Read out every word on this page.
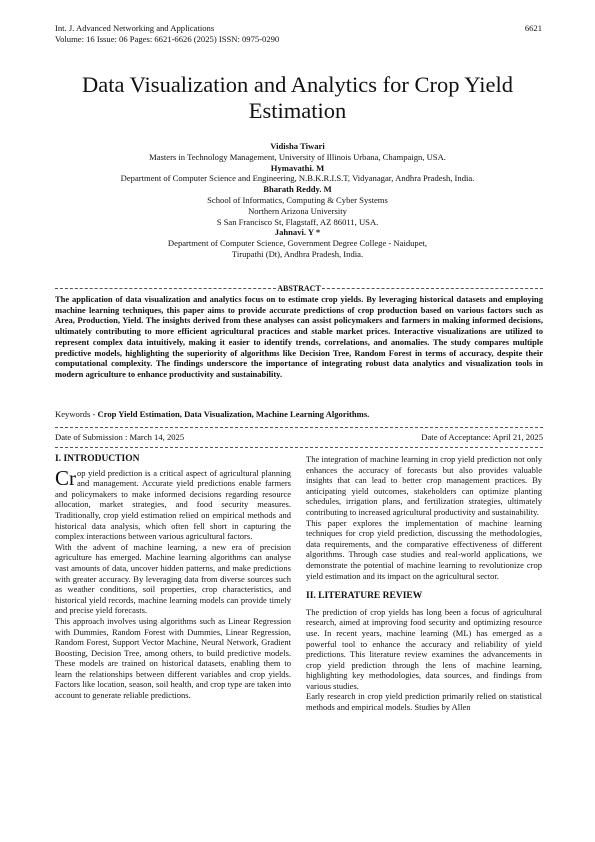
Int. J. Advanced Networking and Applications
Volume: 16 Issue: 06 Pages: 6621-6626 (2025) ISSN: 0975-0290
6621
Data Visualization and Analytics for Crop Yield Estimation
Vidisha Tiwari
Masters in Technology Management, University of Illinois Urbana, Champaign, USA.
Hymavathi. M
Department of Computer Science and Engineering, N.B.K.R.I.S.T, Vidyanagar, Andhra Pradesh, India.
Bharath Reddy. M
School of Informatics, Computing & Cyber Systems
Northern Arizona University
S San Francisco St, Flagstaff, AZ 86011, USA.
Jahnavi. Y *
Department of Computer Science, Government Degree College - Naidupet,
Tirupathi (Dt), Andhra Pradesh, India.
ABSTRACT
The application of data visualization and analytics focus on to estimate crop yields. By leveraging historical datasets and employing machine learning techniques, this paper aims to provide accurate predictions of crop production based on various factors such as Area, Production, Yield. The insights derived from these analyses can assist policymakers and farmers in making informed decisions, ultimately contributing to more efficient agricultural practices and stable market prices. Interactive visualizations are utilized to represent complex data intuitively, making it easier to identify trends, correlations, and anomalies. The study compares multiple predictive models, highlighting the superiority of algorithms like Decision Tree, Random Forest in terms of accuracy, despite their computational complexity. The findings underscore the importance of integrating robust data analytics and visualization tools in modern agriculture to enhance productivity and sustainability.
Keywords - Crop Yield Estimation, Data Visualization, Machine Learning Algorithms.
Date of Submission : March 14, 2025	Date of Acceptance: April 21, 2025

I. INTRODUCTION

Cr op yield prediction is a critical aspect of agricultural planning and management. Accurate yield predictions enable farmers and policymakers to make informed decisions regarding resource allocation, market strategies, and food security measures. Traditionally, crop yield estimation relied on empirical methods and historical data analysis, which often fell short in capturing the complex interactions between various agricultural factors.

With the advent of machine learning, a new era of precision agriculture has emerged. Machine learning algorithms can analyse vast amounts of data, uncover hidden patterns, and make predictions with greater accuracy. By leveraging data from diverse sources such as weather conditions, soil properties, crop characteristics, and historical yield records, machine learning models can provide timely and precise yield forecasts.

This approach involves using algorithms such as Linear Regression with Dummies, Random Forest with Dummies, Linear Regression, Random Forest, Support Vector Machine, Neural Network, Gradient Boosting, Decision Tree, among others, to build predictive models. These models are trained on historical datasets, enabling them to learn the relationships between different variables and crop yields. Factors like location, season, soil health, and crop type are taken into account to generate reliable predictions.

The integration of machine learning in crop yield prediction not only enhances the accuracy of forecasts but also provides valuable insights that can lead to better crop management practices. By anticipating yield outcomes, stakeholders can optimize planting schedules, irrigation plans, and fertilization strategies, ultimately contributing to increased agricultural productivity and sustainability.

This paper explores the implementation of machine learning techniques for crop yield prediction, discussing the methodologies, data requirements, and the comparative effectiveness of different algorithms. Through case studies and real-world applications, we demonstrate the potential of machine learning to revolutionize crop yield estimation and its impact on the agricultural sector.

II. LITERATURE REVIEW

The prediction of crop yields has long been a focus of agricultural research, aimed at improving food security and optimizing resource use. In recent years, machine learning (ML) has emerged as a powerful tool to enhance the accuracy and reliability of yield predictions. This literature review examines the advancements in crop yield prediction through the lens of machine learning, highlighting key methodologies, data sources, and findings from various studies.

Early research in crop yield prediction primarily relied on statistical methods and empirical models. Studies by Allen
